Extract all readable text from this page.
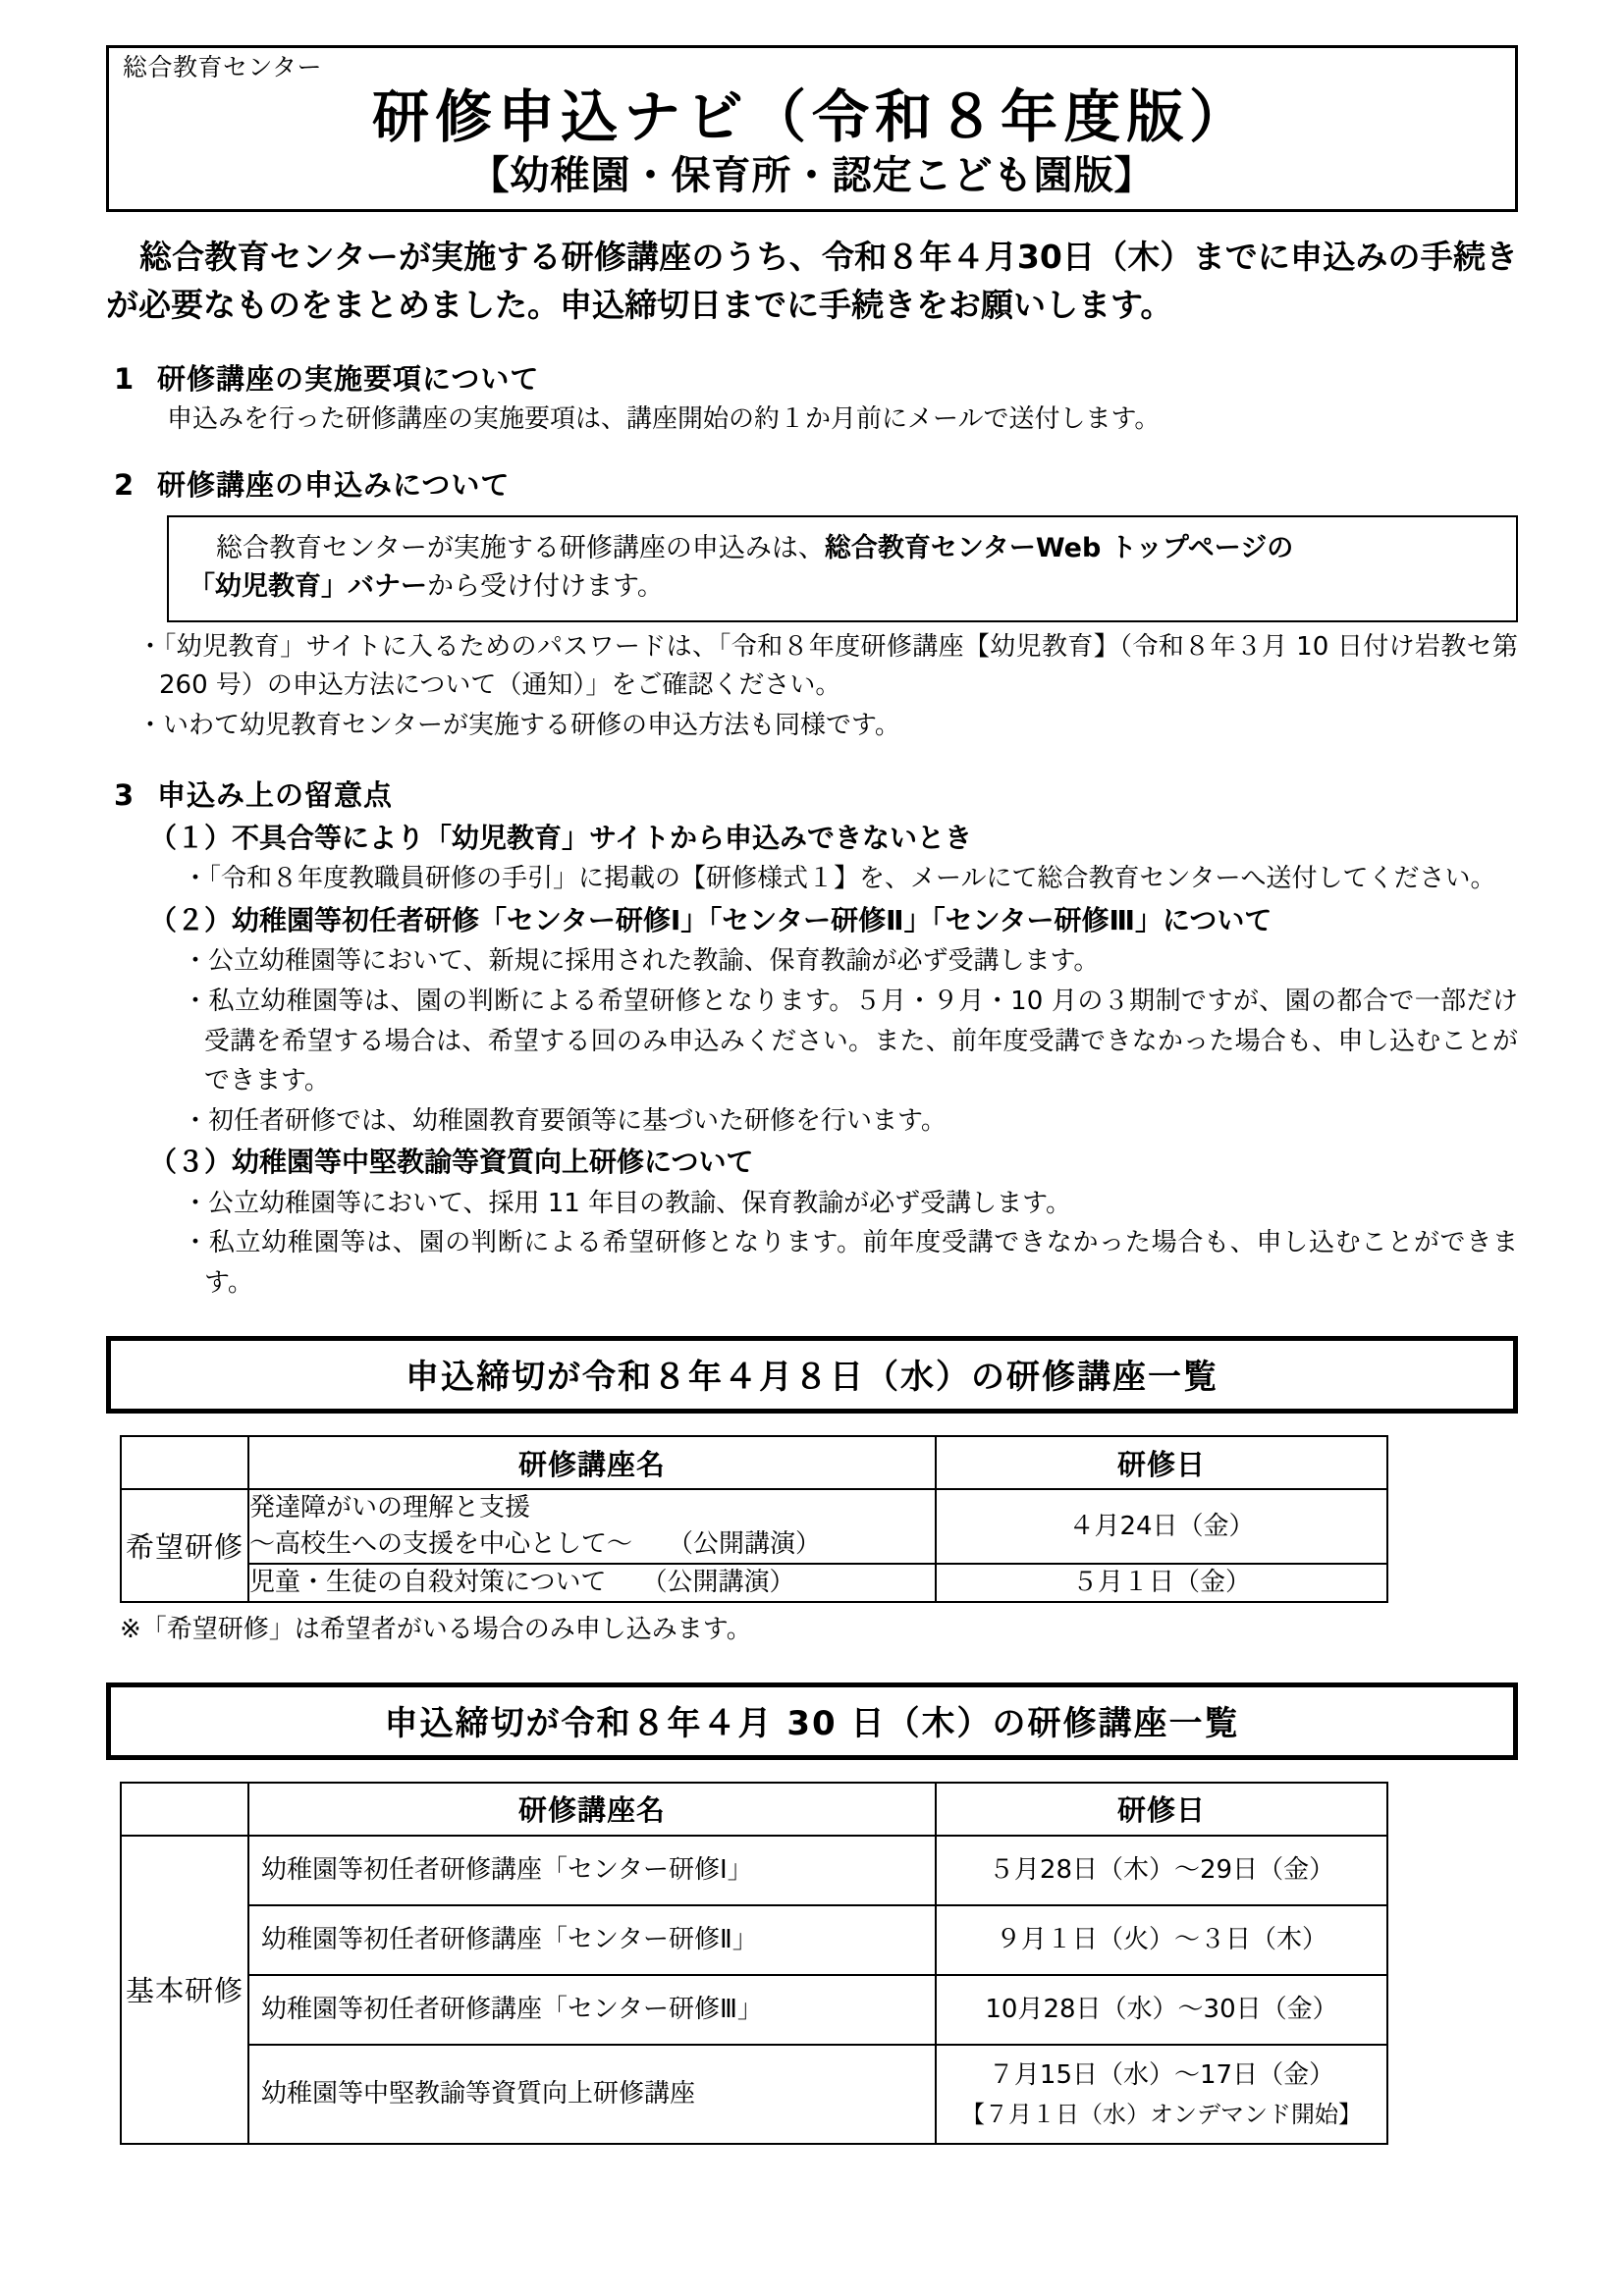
総合教育センター
研修申込ナビ（令和８年度版）
【幼稚園・保育所・認定こども園版】
総合教育センターが実施する研修講座のうち、令和８年４月30日（木）までに申込みの手続きが必要なものをまとめました。申込締切日までに手続きをお願いします。
1 研修講座の実施要項について
申込みを行った研修講座の実施要項は、講座開始の約１か月前にメールで送付します。
2 研修講座の申込みについて

総合教育センターが実施する研修講座の申込みは、総合教育センターWeb トップページの

「幼児教育」バナーから受け付けます。

・「幼児教育」サイトに入るためのパスワードは、「令和８年度研修講座【幼児教育】（令和８年３月 10 日付け岩教セ第 260 号）の申込方法について（通知）」をご確認ください。

・いわて幼児教育センターが実施する研修の申込方法も同様です。

3 申込み上の留意点
（１）不具合等により「幼児教育」サイトから申込みできないとき

・「令和８年度教職員研修の手引」に掲載の【研修様式１】を、メールにて総合教育センターへ送付してください。

（２）幼稚園等初任者研修「センター研修Ⅰ」「センター研修Ⅱ」「センター研修Ⅲ」について

・公立幼稚園等において、新規に採用された教諭、保育教諭が必ず受講します。

・私立幼稚園等は、園の判断による希望研修となります。５月・９月・10 月の３期制ですが、園の都合で一部だけ受講を希望する場合は、希望する回のみ申込みください。また、前年度受講できなかった場合も、申し込むことができます。

・初任者研修では、幼稚園教育要領等に基づいた研修を行います。

（３）幼稚園等中堅教諭等資質向上研修について

・公立幼稚園等において、採用 11 年目の教諭、保育教諭が必ず受講します。

・私立幼稚園等は、園の判断による希望研修となります。前年度受講できなかった場合も、申し込むことができます。

申込締切が令和８年４月８日（水）の研修講座一覧
	研修講座名	研修日
希望研修	発達障がいの理解と支援
〜高校生への支援を中心として〜 （公開講演）	４月24日（金）
	児童・生徒の自殺対策について （公開講演）	５月１日（金）
※「希望研修」は希望者がいる場合のみ申し込みます。
申込締切が令和８年４月 30 日（木）の研修講座一覧
	研修講座名	研修日
基本研修	幼稚園等初任者研修講座「センター研修Ⅰ」	５月28日（木）〜29日（金）
	幼稚園等初任者研修講座「センター研修Ⅱ」	９月１日（火）〜３日（木）
	幼稚園等初任者研修講座「センター研修Ⅲ」	10月28日（水）〜30日（金）
	幼稚園等中堅教諭等資質向上研修講座	７月15日（水）〜17日（金）
【７月１日（水）オンデマンド開始】
